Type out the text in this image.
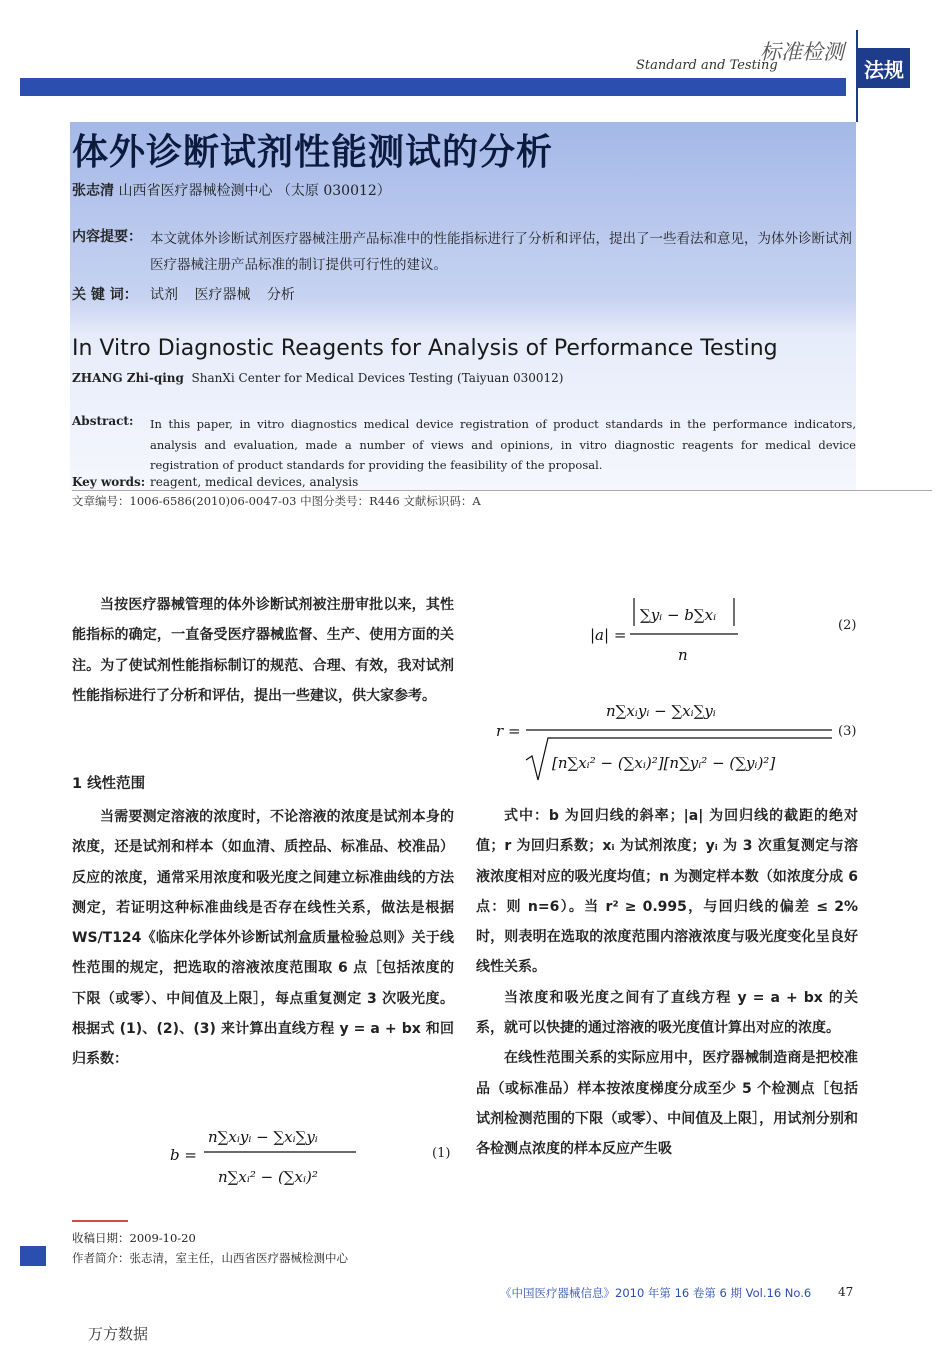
标准检测
Standard and Testing	法规
体外诊断试剂性能测试的分析
张志清 山西省医疗器械检测中心 （太原 030012）
内容提要： 本文就体外诊断试剂医疗器械注册产品标准中的性能指标进行了分析和评估，提出了一些看法和意见，为体外诊断试剂医疗器械注册产品标准的制订提供可行性的建议。
关 键 词： 试剂 医疗器械 分析
In Vitro Diagnostic Reagents for Analysis of Performance Testing
ZHANG Zhi-qing ShanXi Center for Medical Devices Testing (Taiyuan 030012)
Abstract: In this paper, in vitro diagnostics medical device registration of product standards in the performance indicators, analysis and evaluation, made a number of views and opinions, in vitro diagnostic reagents for medical device registration of product standards for providing the feasibility of the proposal.
Key words: reagent, medical devices, analysis
文章编号：1006-6586(2010)06-0047-03 中图分类号：R446 文献标识码：A

当按医疗器械管理的体外诊断试剂被注册审批以来，其性能指标的确定，一直备受医疗器械监督、生产、使用方面的关注。为了使试剂性能指标制订的规范、合理、有效，我对试剂性能指标进行了分析和评估，提出一些建议，供大家参考。

1 线性范围

当需要测定溶液的浓度时，不论溶液的浓度是试剂本身的浓度，还是试剂和样本（如血清、质控品、标准品、校准品）反应的浓度，通常采用浓度和吸光度之间建立标准曲线的方法测定，若证明这种标准曲线是否存在线性关系，做法是根据 WS/T124《临床化学体外诊断试剂盒质量检验总则》关于线性范围的规定，把选取的溶液浓度范围取 6 点［包括浓度的下限（或零）、中间值及上限］，每点重复测定 3 次吸光度。根据式 (1)、(2)、(3) 来计算出直线方程 y = a + bx 和回归系数：

b =
n∑xᵢyᵢ − ∑xᵢ∑yᵢ
n∑xᵢ² − (∑xᵢ)²
(1)
|a| =
∑yᵢ − b∑xᵢ
n
(2)
r =
n∑xᵢyᵢ − ∑xᵢ∑yᵢ
[n∑xᵢ² − (∑xᵢ)²][n∑yᵢ² − (∑yᵢ)²]
(3)

式中：b 为回归线的斜率；|a| 为回归线的截距的绝对值；r 为回归系数；xᵢ 为试剂浓度；yᵢ 为 3 次重复测定与溶液浓度相对应的吸光度均值；n 为测定样本数（如浓度分成 6 点：则 n=6）。当 r² ≥ 0.995，与回归线的偏差 ≤ 2% 时，则表明在选取的浓度范围内溶液浓度与吸光度变化呈良好线性关系。

当浓度和吸光度之间有了直线方程 y = a + bx 的关系，就可以快捷的通过溶液的吸光度值计算出对应的浓度。

在线性范围关系的实际应用中，医疗器械制造商是把校准品（或标准品）样本按浓度梯度分成至少 5 个检测点［包括试剂检测范围的下限（或零）、中间值及上限］，用试剂分别和各检测点浓度的样本反应产生吸

收稿日期：2009-10-20
作者简介：张志清，室主任，山西省医疗器械检测中心
《中国医疗器械信息》2010 年第 16 卷第 6 期 Vol.16 No.6 47
万方数据
